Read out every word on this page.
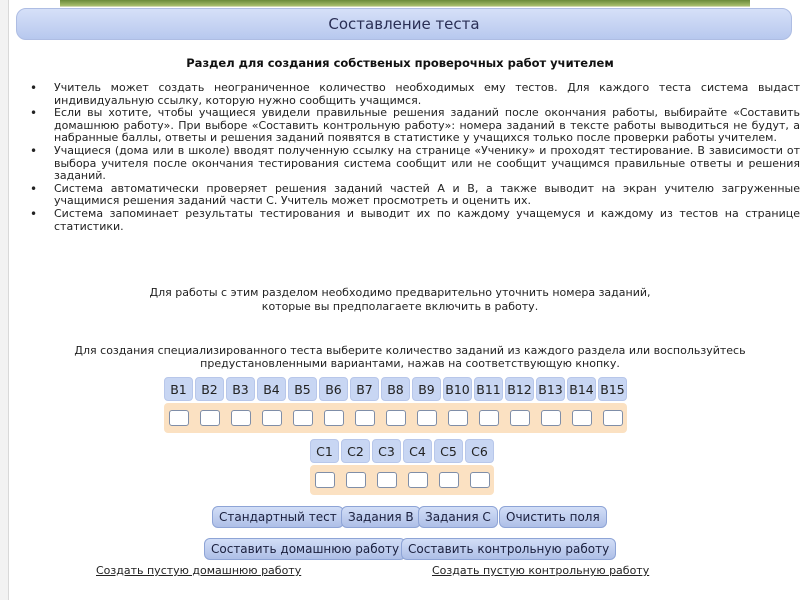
Составление теста
Раздел для создания собственых проверочных работ учителем
• Учитель может создать неограниченное количество необходимых ему тестов. Для каждого теста система выдаст индивидуальную ссылку, которую нужно сообщить учащимся.
• Если вы хотите, чтобы учащиеся увидели правильные решения заданий после окончания работы, выбирайте «Составить домашнюю работу». При выборе «Составить контрольную работу»: номера заданий в тексте работы выводиться не будут, а набранные баллы, ответы и решения заданий появятся в статистике у учащихся только после проверки работы учителем.
• Учащиеся (дома или в школе) вводят полученную ссылку на странице «Ученику» и проходят тестирование. В зависимости от выбора учителя после окончания тестирования система сообщит или не сообщит учащимся правильные ответы и решения заданий.
• Система автоматически проверяет решения заданий частей А и В, а также выводит на экран учителю загруженные учащимися решения заданий части С. Учитель может просмотреть и оценить их.
• Система запоминает результаты тестирования и выводит их по каждому учащемуся и каждому из тестов на странице статистики.
Для работы с этим разделом необходимо предварительно уточнить номера заданий,
которые вы предполагаете включить в работу.
Для создания специализированного теста выберите количество заданий из каждого раздела или воспользуйтесь
предустановленными вариантами, нажав на соответствующую кнопку.
B1	B2	B3	B4	B5	B6	B7	B8	B9 B10 B11 B12 B13 B14 B15
C1	C2	C3	C4	C5	C6
Стандартный тест Задания B Задания C	Очистить поля
Составить домашнюю работу Составить контрольную работу
Создать пустую домашнюю работу	Создать пустую контрольную работу
